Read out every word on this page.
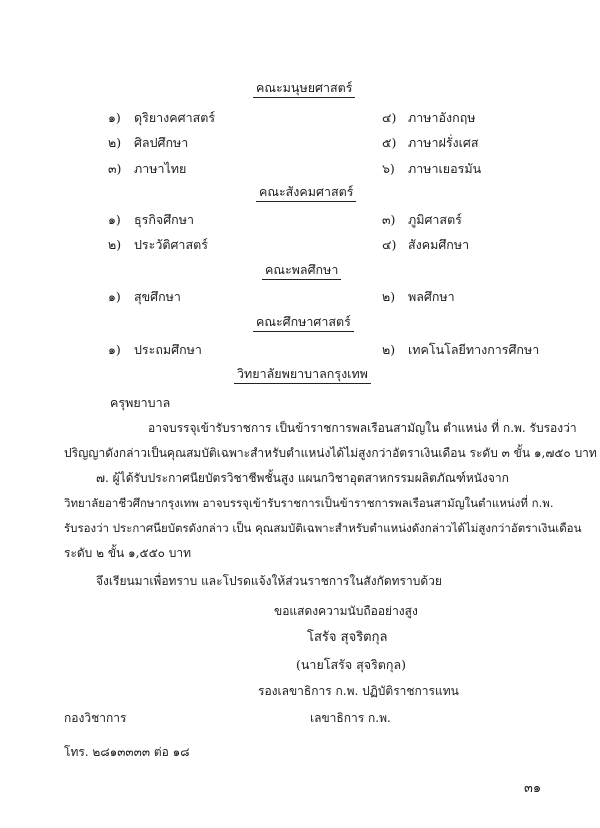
คณะมนุษยศาสตร์
๑) ดุริยางคศาสตร์	๔) ภาษาอังกฤษ
๒) ศิลปศึกษา	๕) ภาษาฝรั่งเศส
๓) ภาษาไทย	๖) ภาษาเยอรมัน
คณะสังคมศาสตร์
๑) ธุรกิจศึกษา	๓) ภูมิศาสตร์
๒) ประวัติศาสตร์	๔) สังคมศึกษา
คณะพลศึกษา
๑) สุขศึกษา	๒) พลศึกษา
คณะศึกษาศาสตร์
๑) ประถมศึกษา	๒) เทคโนโลยีทางการศึกษา
วิทยาลัยพยาบาลกรุงเทพ
ครุพยาบาล
อาจบรรจุเข้ารับราชการ เป็นข้าราชการพลเรือนสามัญใน ตำแหน่ง ที่ ก.พ. รับรองว่า
ปริญญาดังกล่าวเป็นคุณสมบัติเฉพาะสำหรับตำแหน่งได้ไม่สูงกว่าอัตราเงินเดือน ระดับ ๓ ขั้น ๑,๗๕๐ บาท
๗. ผู้ได้รับประกาศนียบัตรวิชาชีพชั้นสูง แผนกวิชาอุตสาหกรรมผลิตภัณฑ์หนังจาก
วิทยาลัยอาชีวศึกษากรุงเทพ อาจบรรจุเข้ารับราชการเป็นข้าราชการพลเรือนสามัญในตำแหน่งที่ ก.พ.
รับรองว่า ประกาศนียบัตรดังกล่าว เป็น คุณสมบัติเฉพาะสำหรับตำแหน่งดังกล่าวได้ไม่สูงกว่าอัตราเงินเดือน
ระดับ ๒ ขั้น ๑,๕๕๐ บาท
จึงเรียนมาเพื่อทราบ และโปรดแจ้งให้ส่วนราชการในสังกัดทราบด้วย
ขอแสดงความนับถืออย่างสูง
โสรัจ สุจริตกุล
(นายโสรัจ สุจริตกุล)
รองเลขาธิการ ก.พ. ปฏิบัติราชการแทน
เลขาธิการ ก.พ.
กองวิชาการ
โทร. ๒๘๑๓๓๓๓ ต่อ ๑๘
๓๑
